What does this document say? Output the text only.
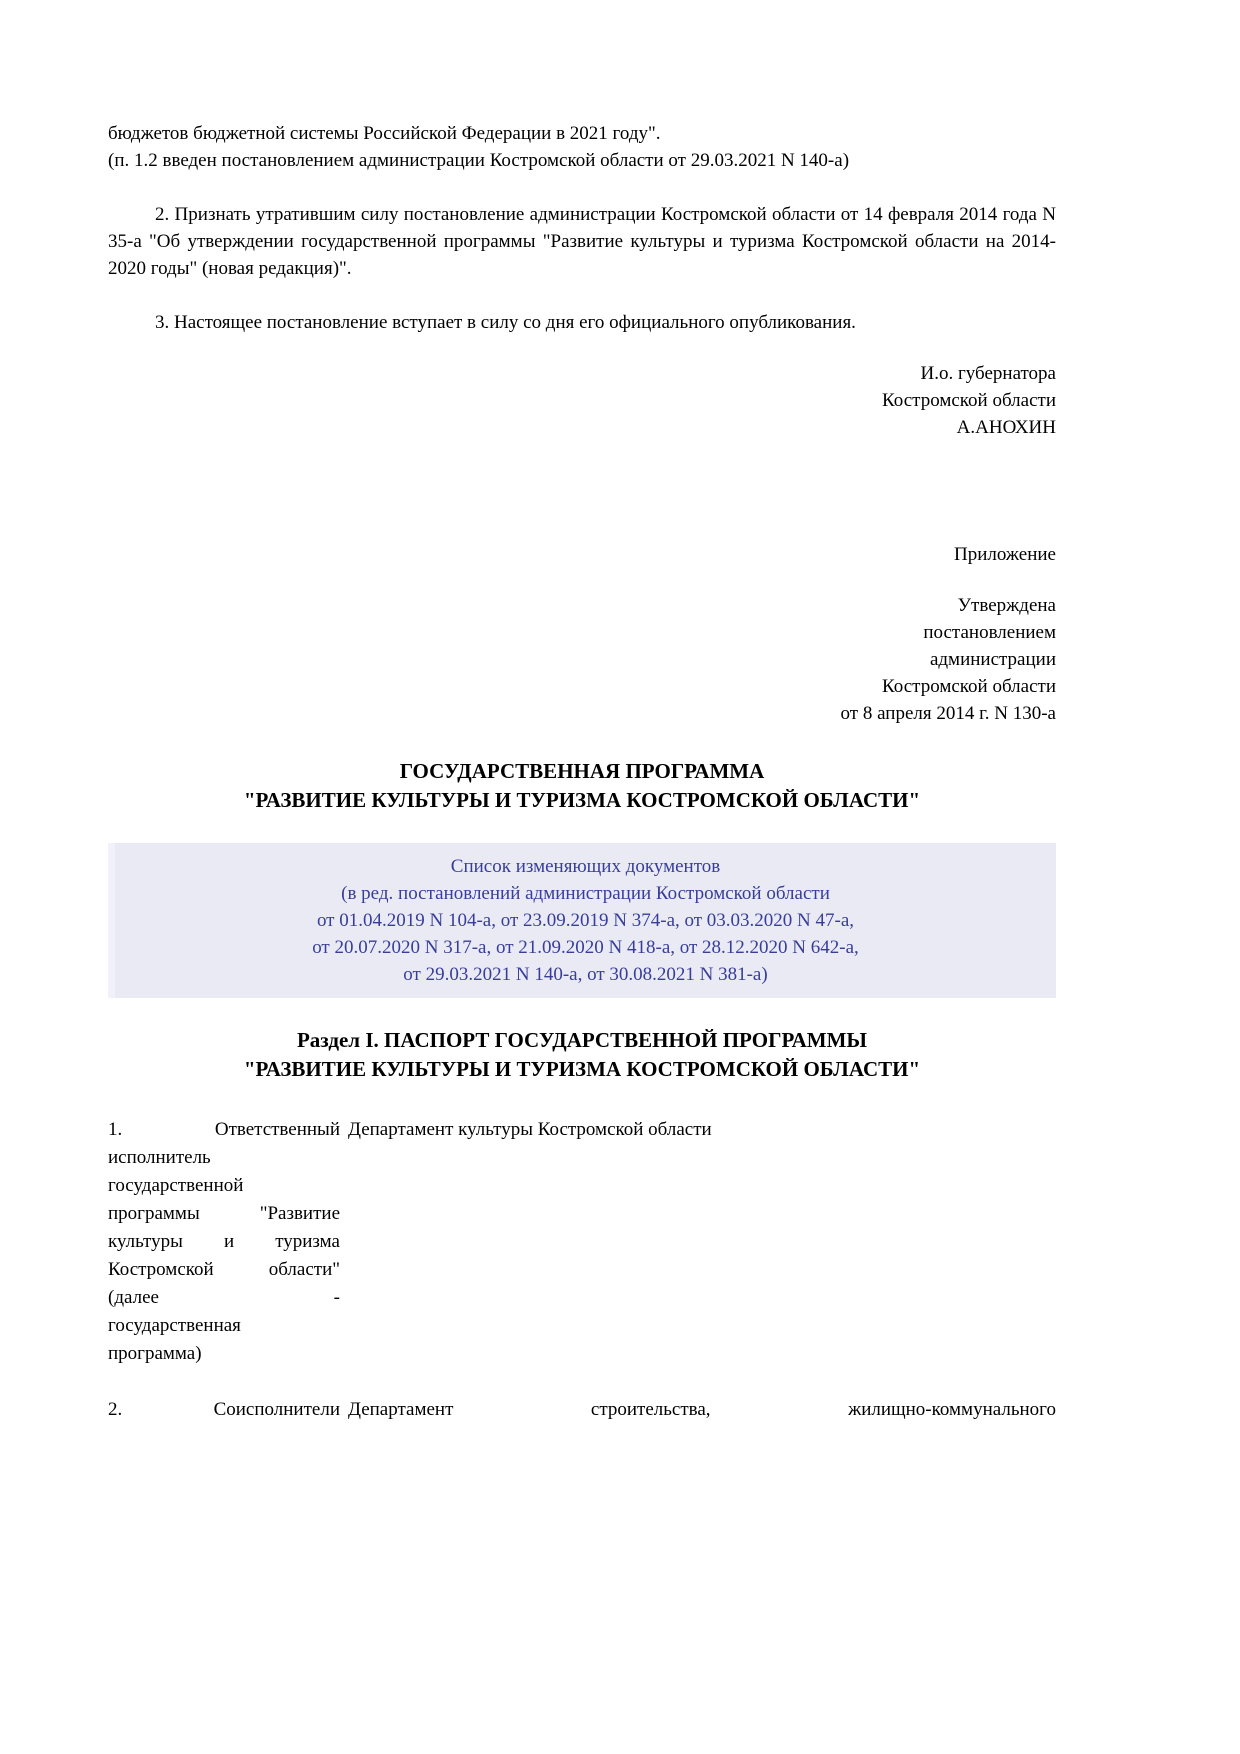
бюджетов бюджетной системы Российской Федерации в 2021 году".
(п. 1.2 введен постановлением администрации Костромской области от 29.03.2021 N 140-а)
2. Признать утратившим силу постановление администрации Костромской области от 14 февраля 2014 года N 35-а "Об утверждении государственной программы "Развитие культуры и туризма Костромской области на 2014-2020 годы" (новая редакция)".
3. Настоящее постановление вступает в силу со дня его официального опубликования.
И.о. губернатора
Костромской области
А.АНОХИН
Приложение
Утверждена
постановлением
администрации
Костромской области
от 8 апреля 2014 г. N 130-а
ГОСУДАРСТВЕННАЯ ПРОГРАММА
"РАЗВИТИЕ КУЛЬТУРЫ И ТУРИЗМА КОСТРОМСКОЙ ОБЛАСТИ"
Список изменяющих документов
(в ред. постановлений администрации Костромской области
от 01.04.2019 N 104-а, от 23.09.2019 N 374-а, от 03.03.2020 N 47-а,
от 20.07.2020 N 317-а, от 21.09.2020 N 418-а, от 28.12.2020 N 642-а,
от 29.03.2021 N 140-а, от 30.08.2021 N 381-а)
Раздел I. ПАСПОРТ ГОСУДАРСТВЕННОЙ ПРОГРАММЫ
"РАЗВИТИЕ КУЛЬТУРЫ И ТУРИЗМА КОСТРОМСКОЙ ОБЛАСТИ"
1. Ответственный
исполнитель
государственной
программы "Развитие
культуры и туризма
Костромской области"
(далее -
государственная
программа)
Департамент культуры Костромской области
2. Соисполнители Департамент строительства, жилищно-коммунального
